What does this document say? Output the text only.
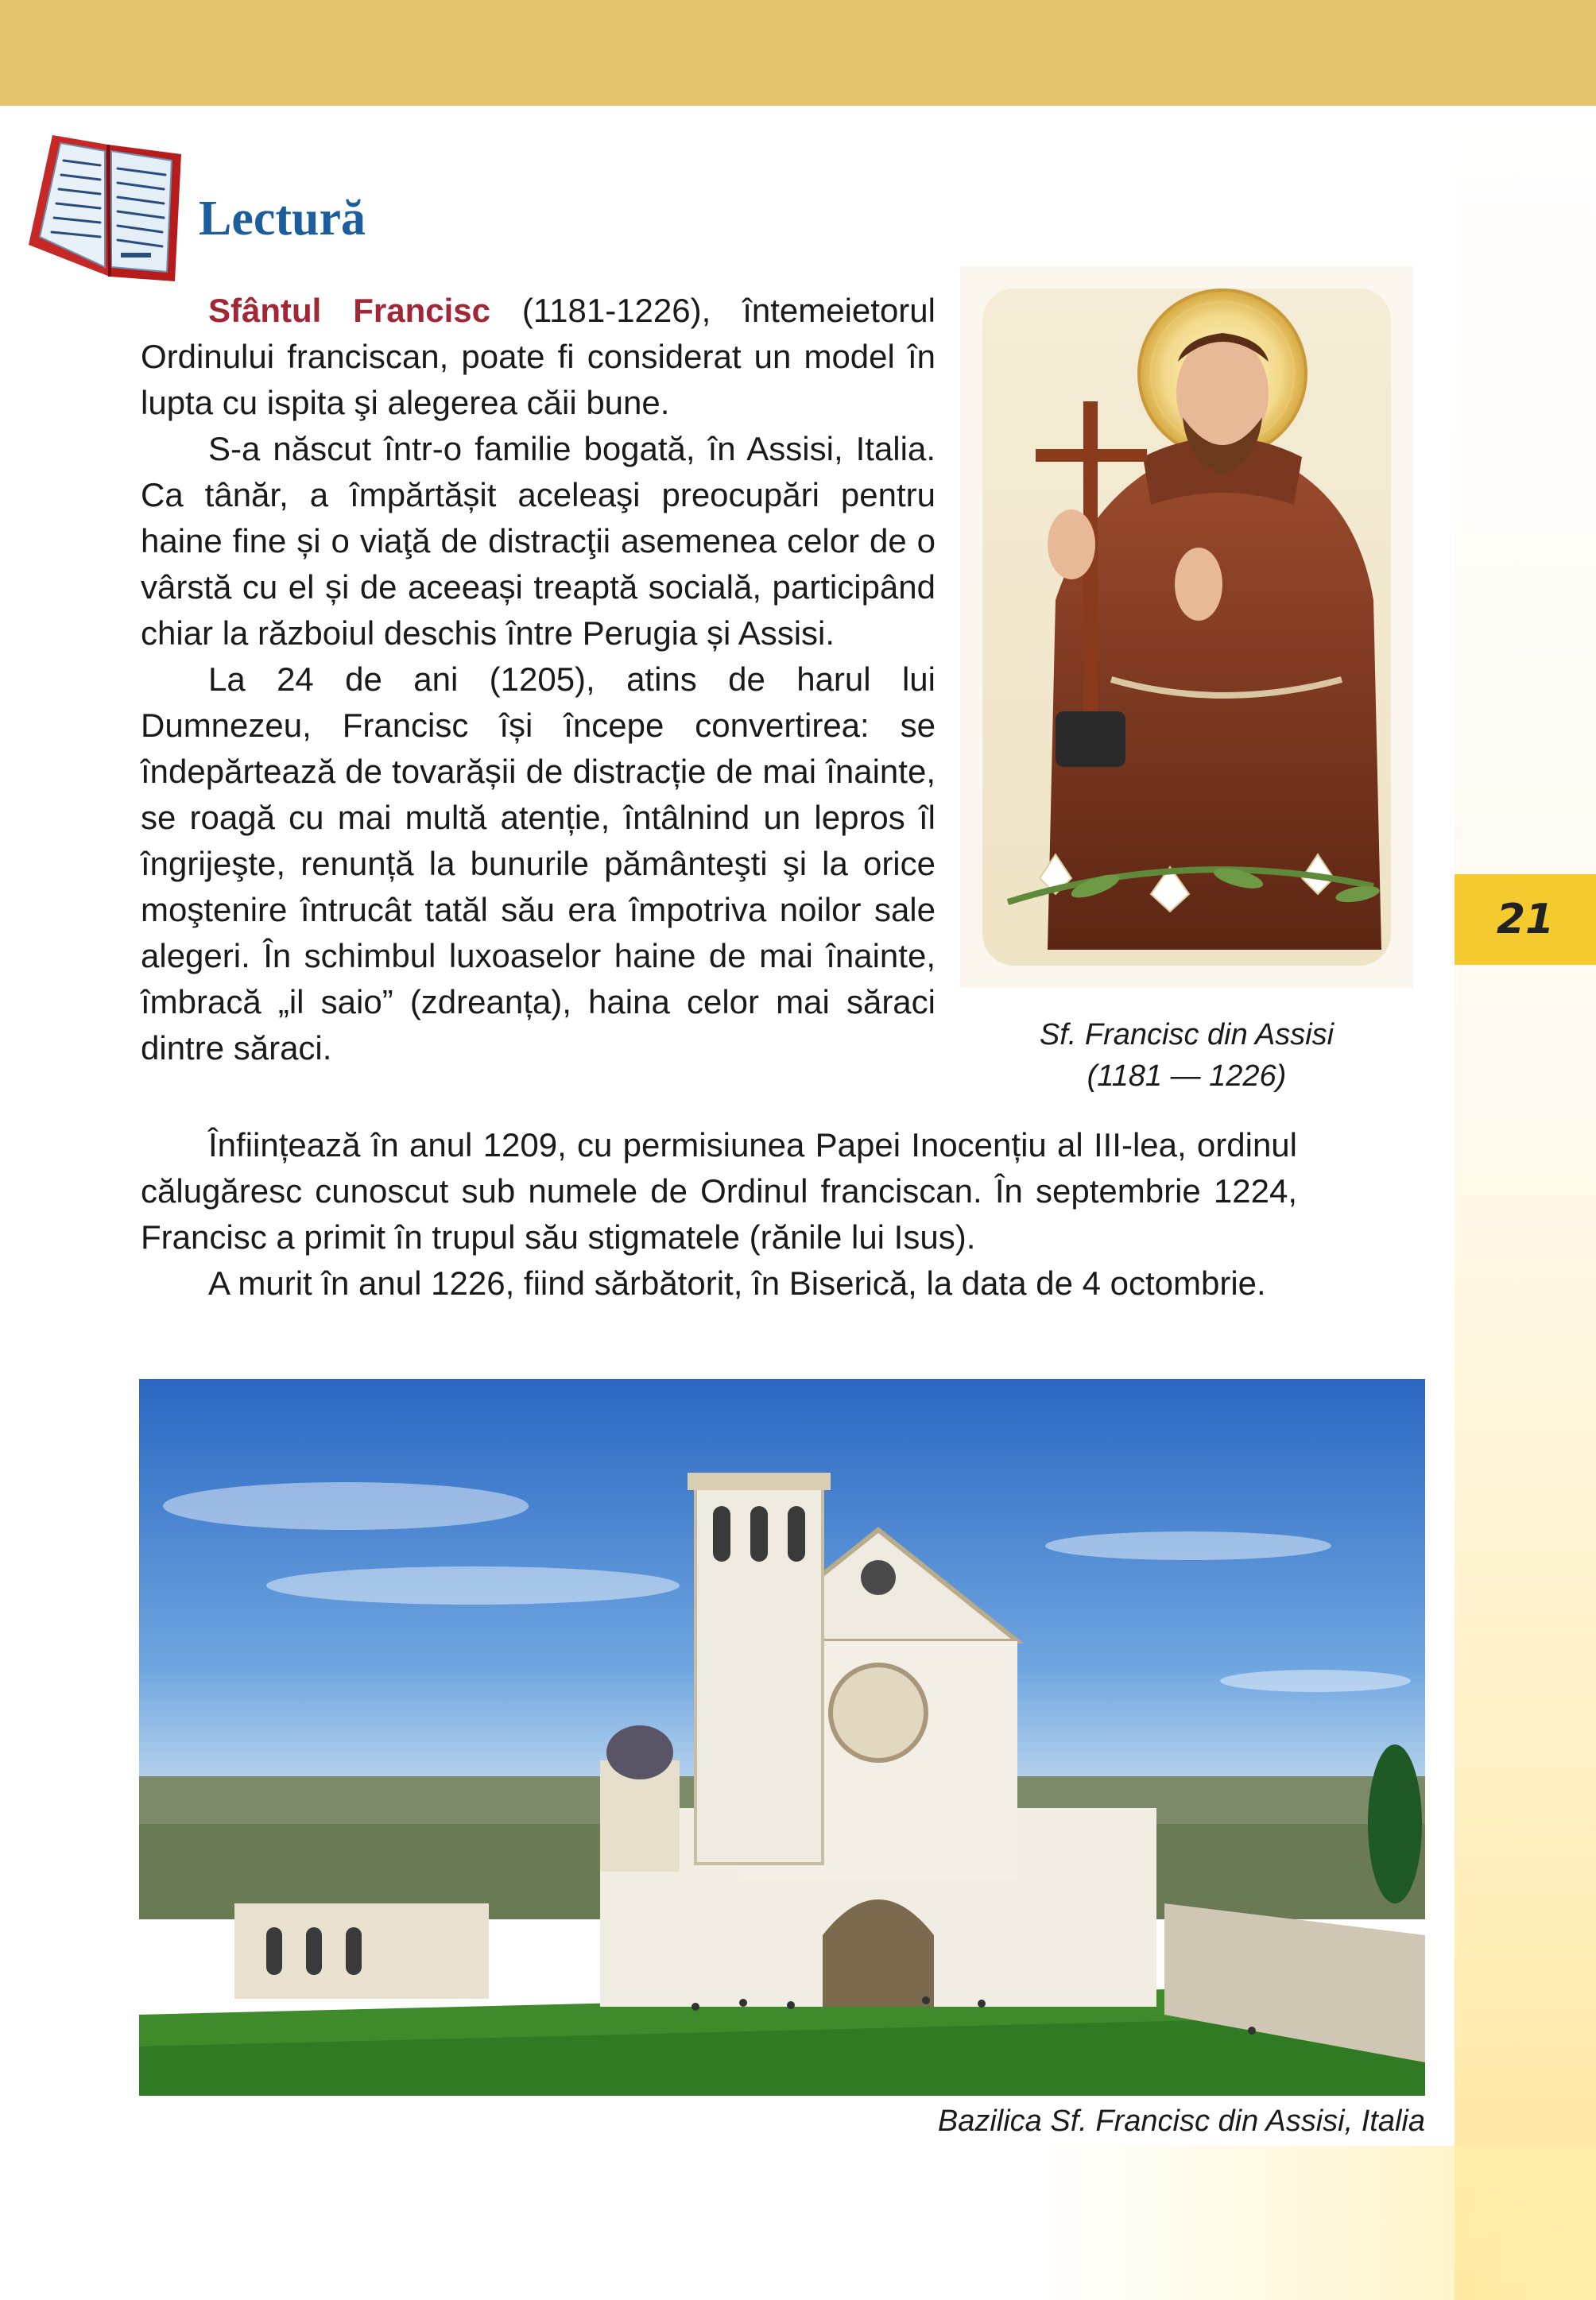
21
Lectură

Sfântul Francisc (1181-1226), întemeietorul Ordinului franciscan, poate fi considerat un model în lupta cu ispita şi alegerea căii bune.

S-a născut într-o familie bogată, în Assisi, Italia. Ca tânăr, a împărtășit aceleaşi preocupări pentru haine fine și o viaţă de distracţii asemenea celor de o vârstă cu el și de aceeași treaptă socială, participând chiar la războiul deschis între Perugia și Assisi.

La 24 de ani (1205), atins de harul lui Dumnezeu, Francisc își începe convertirea: se îndepărtează de tovarășii de distracție de mai înainte, se roagă cu mai multă atenție, întâlnind un lepros îl îngrijeşte, renunță la bunurile pământeşti şi la orice moştenire întrucât tatăl său era împotriva noilor sale alegeri. În schimbul luxoaselor haine de mai înainte, îmbracă „il saio” (zdreanța), haina celor mai săraci dintre săraci.

Înființează în anul 1209, cu permisiunea Papei Inocențiu al III-lea, ordinul călugăresc cunoscut sub numele de Ordinul franciscan. În septembrie 1224, Francisc a primit în trupul său stigmatele (rănile lui Isus).

A murit în anul 1226, fiind sărbătorit, în Biserică, la data de 4 octombrie.

Sf. Francisc din Assisi
(1181 — 1226)
Bazilica Sf. Francisc din Assisi, Italia
